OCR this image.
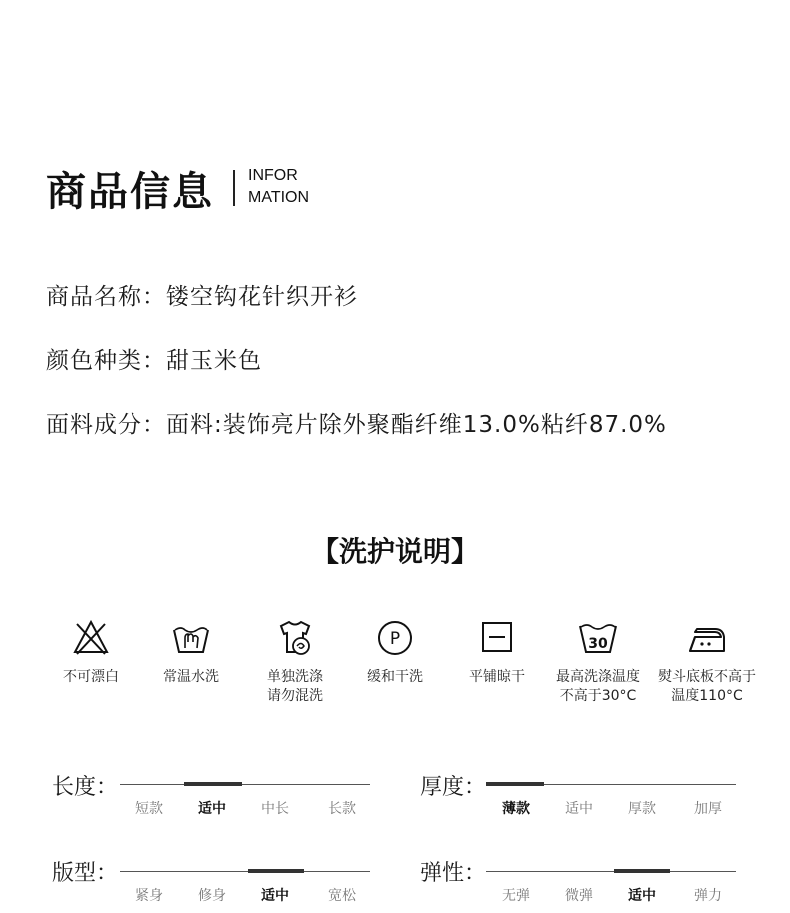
商品信息 INFOR
MATION
商品名称：镂空钩花针织开衫
颜色种类：甜玉米色
面料成分：面料:装饰亮片除外聚酯纤维13.0%粘纤87.0%
【洗护说明】
不可漂白	常温水洗	单独洗涤
请勿混洗
P
缓和干洗	平铺晾干
30
最高洗涤温度
不高于30°C
熨斗底板不高于
温度110°C
长度：
短款	适中	中长	长款
厚度：
薄款	适中	厚款	加厚
版型：
紧身	修身	适中	宽松
弹性：
无弹	微弹	适中	弹力
